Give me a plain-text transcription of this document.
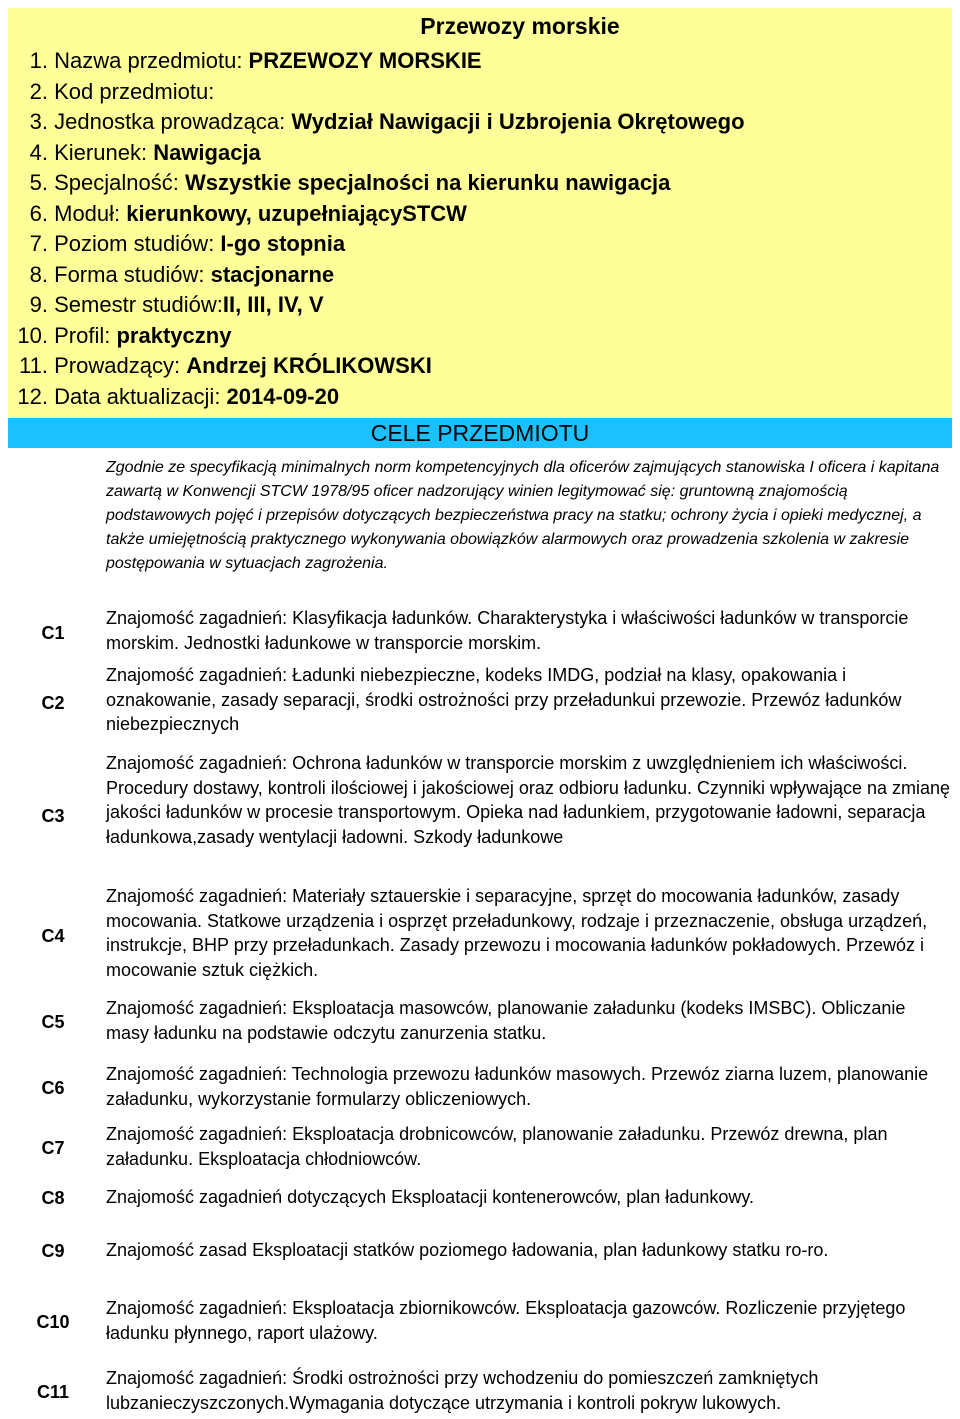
Przewozy morskie
1. Nazwa przedmiotu: PRZEWOZY MORSKIE
2. Kod przedmiotu:
3. Jednostka prowadząca: Wydział Nawigacji i Uzbrojenia Okrętowego
4. Kierunek: Nawigacja
5. Specjalność: Wszystkie specjalności na kierunku nawigacja
6. Moduł: kierunkowy, uzupełniającySTCW
7. Poziom studiów: I-go stopnia
8. Forma studiów: stacjonarne
9. Semestr studiów:II, III, IV, V
10. Profil: praktyczny
11. Prowadzący: Andrzej KRÓLIKOWSKI
12. Data aktualizacji: 2014-09-20
CELE PRZEDMIOTU
Zgodnie ze specyfikacją minimalnych norm kompetencyjnych dla oficerów zajmujących stanowiska I oficera i kapitana zawartą w Konwencji STCW 1978/95 oficer nadzorujący winien legitymować się: gruntowną znajomością podstawowych pojęć i przepisów dotyczących bezpieczeństwa pracy na statku; ochrony życia i opieki medycznej, a także umiejętnością praktycznego wykonywania obowiązków alarmowych oraz prowadzenia szkolenia w zakresie postępowania w sytuacjach zagrożenia.
C1
Znajomość zagadnień: Klasyfikacja ładunków. Charakterystyka i właściwości ładunków w transporcie morskim. Jednostki ładunkowe w transporcie morskim.
C2
Znajomość zagadnień: Ładunki niebezpieczne, kodeks IMDG, podział na klasy, opakowania i oznakowanie, zasady separacji, środki ostrożności przy przeładunkui przewozie. Przewóz ładunków niebezpiecznych
C3
Znajomość zagadnień: Ochrona ładunków w transporcie morskim z uwzględnieniem ich właściwości. Procedury dostawy, kontroli ilościowej i jakościowej oraz odbioru ładunku. Czynniki wpływające na zmianę jakości ładunków w procesie transportowym. Opieka nad ładunkiem, przygotowanie ładowni, separacja ładunkowa,zasady wentylacji ładowni. Szkody ładunkowe
C4
Znajomość zagadnień: Materiały sztauerskie i separacyjne, sprzęt do mocowania ładunków, zasady mocowania. Statkowe urządzenia i osprzęt przeładunkowy, rodzaje i przeznaczenie, obsługa urządzeń, instrukcje, BHP przy przeładunkach. Zasady przewozu i mocowania ładunków pokładowych. Przewóz i mocowanie sztuk ciężkich.
C5
Znajomość zagadnień: Eksploatacja masowców, planowanie załadunku (kodeks IMSBC). Obliczanie masy ładunku na podstawie odczytu zanurzenia statku.
C6
Znajomość zagadnień: Technologia przewozu ładunków masowych. Przewóz ziarna luzem, planowanie załadunku, wykorzystanie formularzy obliczeniowych.
C7
Znajomość zagadnień: Eksploatacja drobnicowców, planowanie załadunku. Przewóz drewna, plan załadunku. Eksploatacja chłodniowców.
C8	Znajomość zagadnień dotyczących Eksploatacji kontenerowców, plan ładunkowy.
C9	Znajomość zasad Eksploatacji statków poziomego ładowania, plan ładunkowy statku ro-ro.
C10
Znajomość zagadnień: Eksploatacja zbiornikowców. Eksploatacja gazowców. Rozliczenie przyjętego ładunku płynnego, raport ulażowy.
C11
Znajomość zagadnień: Środki ostrożności przy wchodzeniu do pomieszczeń zamkniętych lubzanieczyszczonych.Wymagania dotyczące utrzymania i kontroli pokryw lukowych.
